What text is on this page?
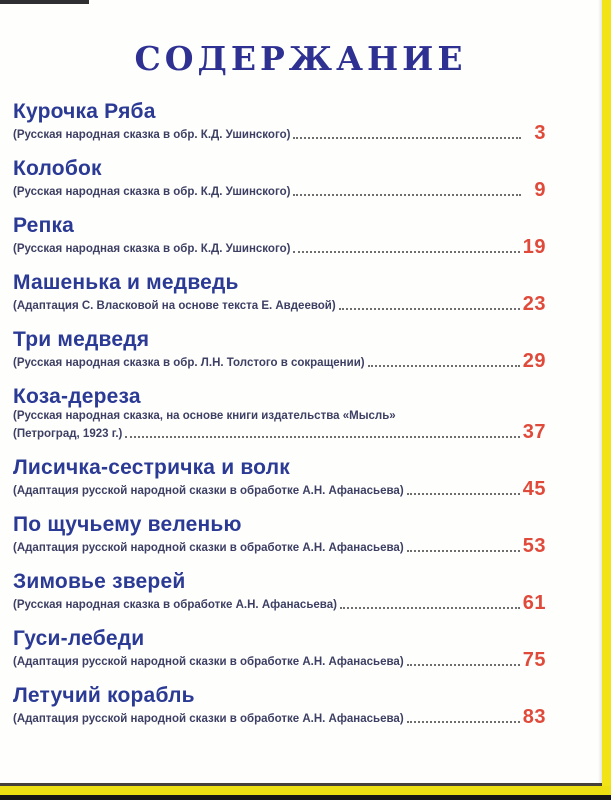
СОДЕРЖАНИЕ
Курочка Ряба
(Русская народная сказка в обр. К.Д. Ушинского)	3
Колобок
(Русская народная сказка в обр. К.Д. Ушинского)	9
Репка
(Русская народная сказка в обр. К.Д. Ушинского)	19
Машенька и медведь
(Адаптация С. Власковой на основе текста Е. Авдеевой)	23
Три медведя
(Русская народная сказка в обр. Л.Н. Толстого в сокращении)	29
Коза-дереза
(Русская народная сказка, на основе книги издательства «Мысль»
(Петроград, 1923 г.)	37
Лисичка-сестричка и волк
(Адаптация русской народной сказки в обработке А.Н. Афанасьева)	45
По щучьему веленью
(Адаптация русской народной сказки в обработке А.Н. Афанасьева)	53
Зимовье зверей
(Русская народная сказка в обработке А.Н. Афанасьева)	61
Гуси-лебеди
(Адаптация русской народной сказки в обработке А.Н. Афанасьева)	75
Летучий корабль
(Адаптация русской народной сказки в обработке А.Н. Афанасьева)	83
